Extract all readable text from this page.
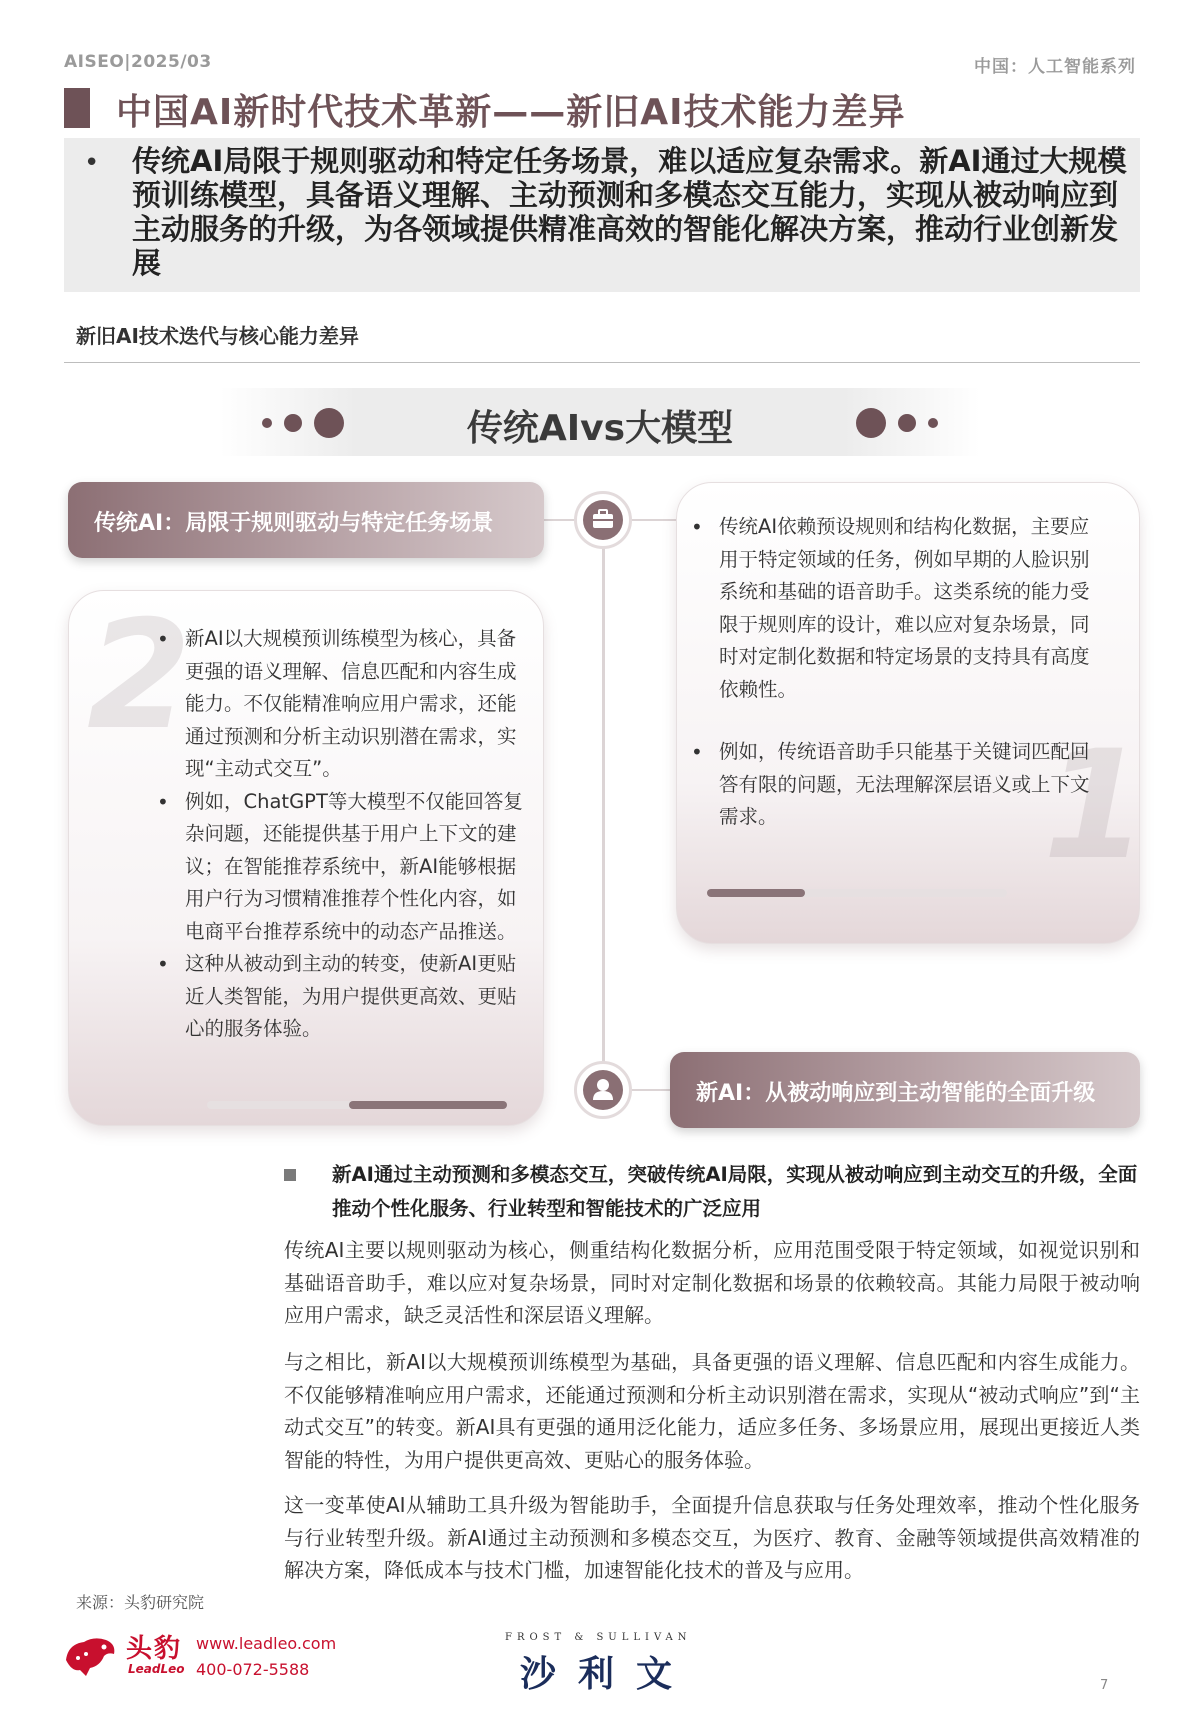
AISEO|2025/03	中国：人工智能系列
中国AI新时代技术革新——新旧AI技术能力差异
• 传统AI局限于规则驱动和特定任务场景，难以适应复杂需求。新AI通过大规模预训练模型，具备语义理解、主动预测和多模态交互能力，实现从被动响应到主动服务的升级，为各领域提供精准高效的智能化解决方案，推动行业创新发展
新旧AI技术迭代与核心能力差异
传统AIvs大模型
传统AI：局限于规则驱动与特定任务场景
2
• 新AI以大规模预训练模型为核心，具备更强的语义理解、信息匹配和内容生成能力。不仅能精准响应用户需求，还能通过预测和分析主动识别潜在需求，实现“主动式交互”。
• 例如，ChatGPT等大模型不仅能回答复杂问题，还能提供基于用户上下文的建议；在智能推荐系统中，新AI能够根据用户行为习惯精准推荐个性化内容，如电商平台推荐系统中的动态产品推送。
• 这种从被动到主动的转变，使新AI更贴近人类智能，为用户提供更高效、更贴心的服务体验。
1
• 传统AI依赖预设规则和结构化数据，主要应用于特定领域的任务，例如早期的人脸识别系统和基础的语音助手。这类系统的能力受限于规则库的设计，难以应对复杂场景，同时对定制化数据和特定场景的支持具有高度依赖性。
• 例如，传统语音助手只能基于关键词匹配回答有限的问题，无法理解深层语义或上下文需求。
新AI：从被动响应到主动智能的全面升级
新AI通过主动预测和多模态交互，突破传统AI局限，实现从被动响应到主动交互的升级，全面推动个性化服务、行业转型和智能技术的广泛应用
传统AI主要以规则驱动为核心，侧重结构化数据分析，应用范围受限于特定领域，如视觉识别和基础语音助手，难以应对复杂场景，同时对定制化数据和场景的依赖较高。其能力局限于被动响应用户需求，缺乏灵活性和深层语义理解。
与之相比，新AI以大规模预训练模型为基础，具备更强的语义理解、信息匹配和内容生成能力。不仅能够精准响应用户需求，还能通过预测和分析主动识别潜在需求，实现从“被动式响应”到“主动式交互”的转变。新AI具有更强的通用泛化能力，适应多任务、多场景应用，展现出更接近人类智能的特性，为用户提供更高效、更贴心的服务体验。
这一变革使AI从辅助工具升级为智能助手，全面提升信息获取与任务处理效率，推动个性化服务与行业转型升级。新AI通过主动预测和多模态交互，为医疗、教育、金融等领域提供高效精准的解决方案，降低成本与技术门槛，加速智能化技术的普及与应用。
来源：头豹研究院
头豹
LeadLeo
www.leadleo.com
400-072-5588
FROST & SULLIVAN
沙利文	7
